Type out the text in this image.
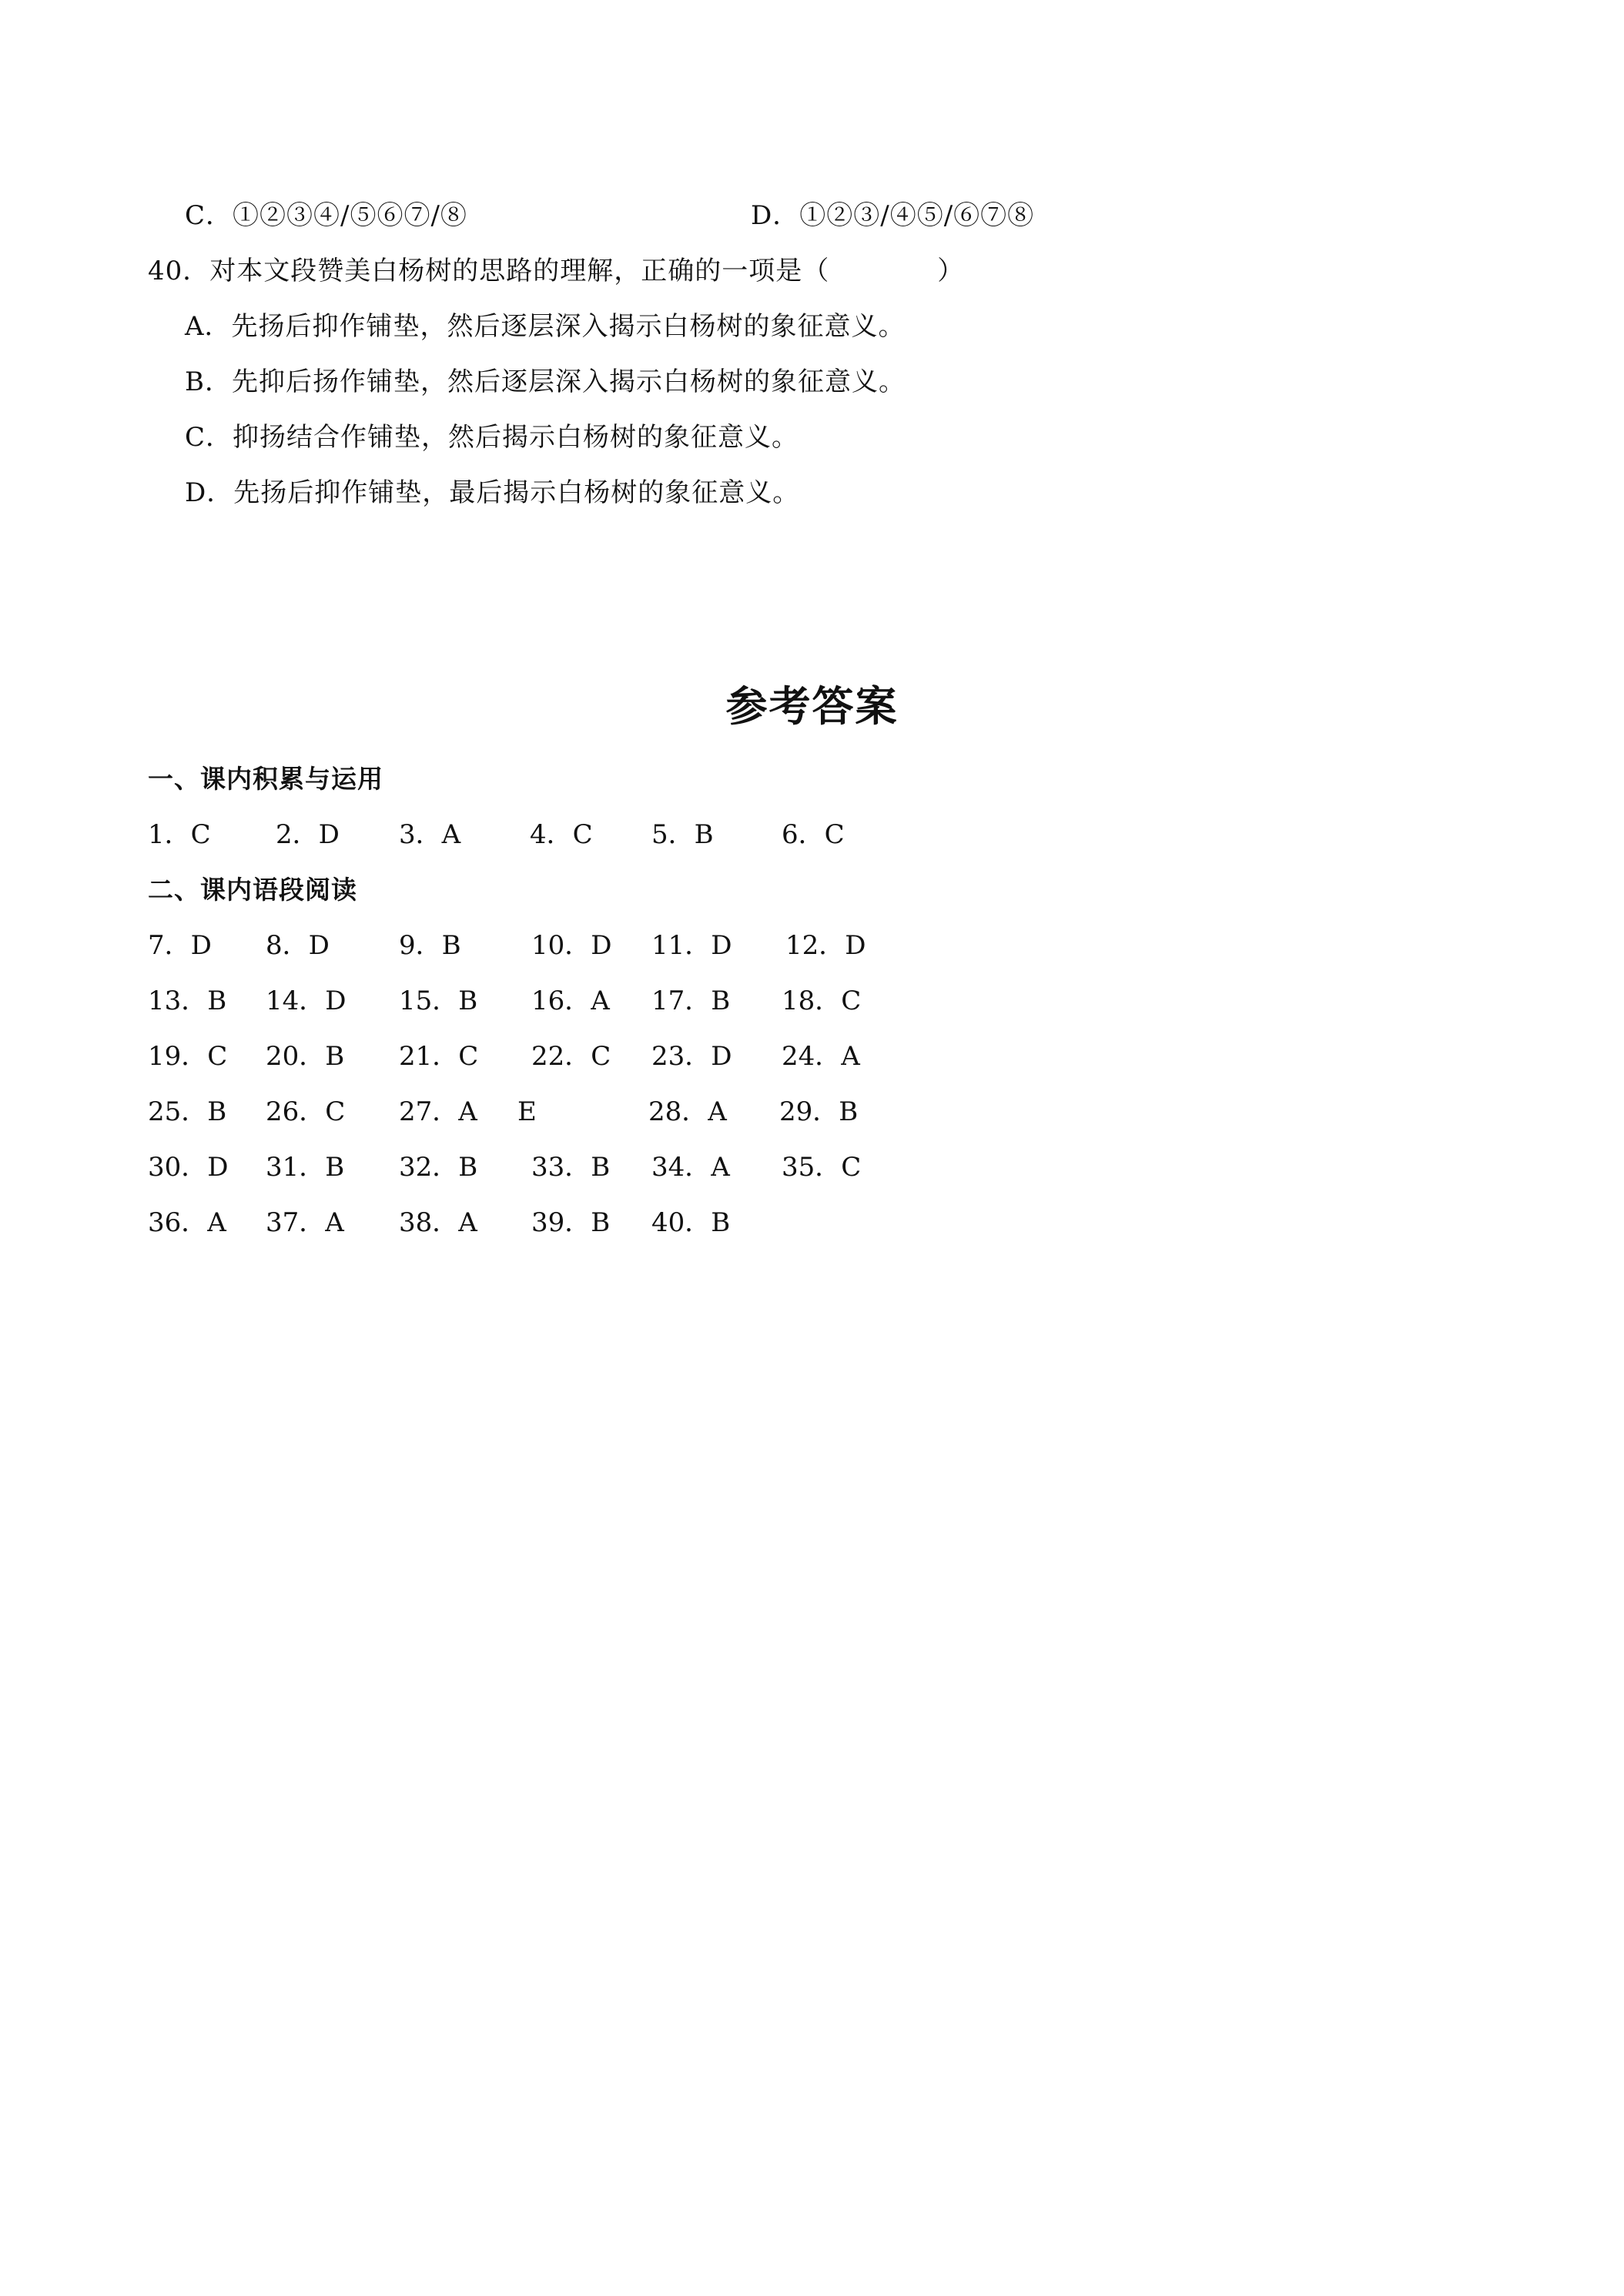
C．①②③④/⑤⑥⑦/⑧	D．①②③/④⑤/⑥⑦⑧
40．对本文段赞美白杨树的思路的理解，正确的一项是（　　　　）
A．先扬后抑作铺垫，然后逐层深入揭示白杨树的象征意义。
B．先抑后扬作铺垫，然后逐层深入揭示白杨树的象征意义。
C．抑扬结合作铺垫，然后揭示白杨树的象征意义。
D．先扬后抑作铺垫，最后揭示白杨树的象征意义。
参考答案
一、课内积累与运用
1．C 2．D 3．A	4．C 5．B	6．C
二、课内语段阅读
7．D 8．D	9．B	10．D 11．D 12．D
13．B 14．D 15．B 16．A 17．B 18．C
19．C 20．B 21．C 22．C 23．D 24．A
25．B 26．C 27．A E	28．A 29．B
30．D 31．B 32．B 33．B 34．A 35．C
36．A 37．A 38．A 39．B 40．B
